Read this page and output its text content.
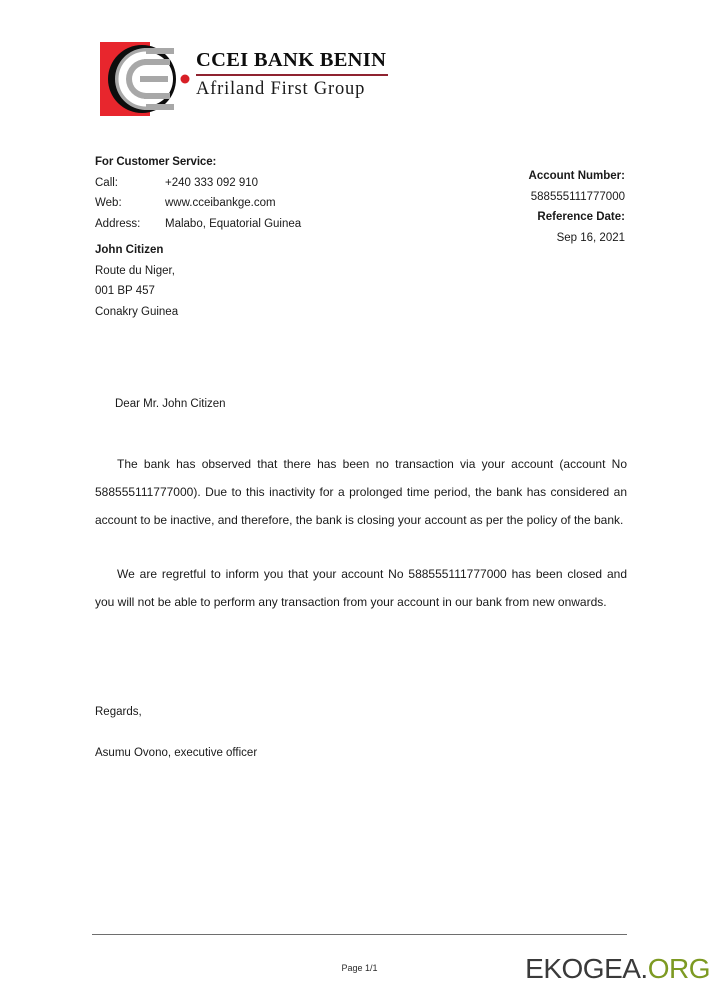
CCEI BANK BENIN
Afriland First Group
For Customer Service:
Call:	+240 333 092 910
Web:	www.cceibankge.com
Address:	Malabo, Equatorial Guinea
John Citizen
Route du Niger,
001 BP 457
Conakry Guinea
Account Number:
588555111777000
Reference Date:
Sep 16, 2021
Dear Mr. John Citizen

The bank has observed that there has been no transaction via your account (account No 588555111777000). Due to this inactivity for a prolonged time period, the bank has considered an account to be inactive, and therefore, the bank is closing your account as per the policy of the bank.

We are regretful to inform you that your account No 588555111777000 has been closed and you will not be able to perform any transaction from your account in our bank from new onwards.

Regards,
Asumu Ovono, executive officer
Page 1/1	EKOGEA.ORG
